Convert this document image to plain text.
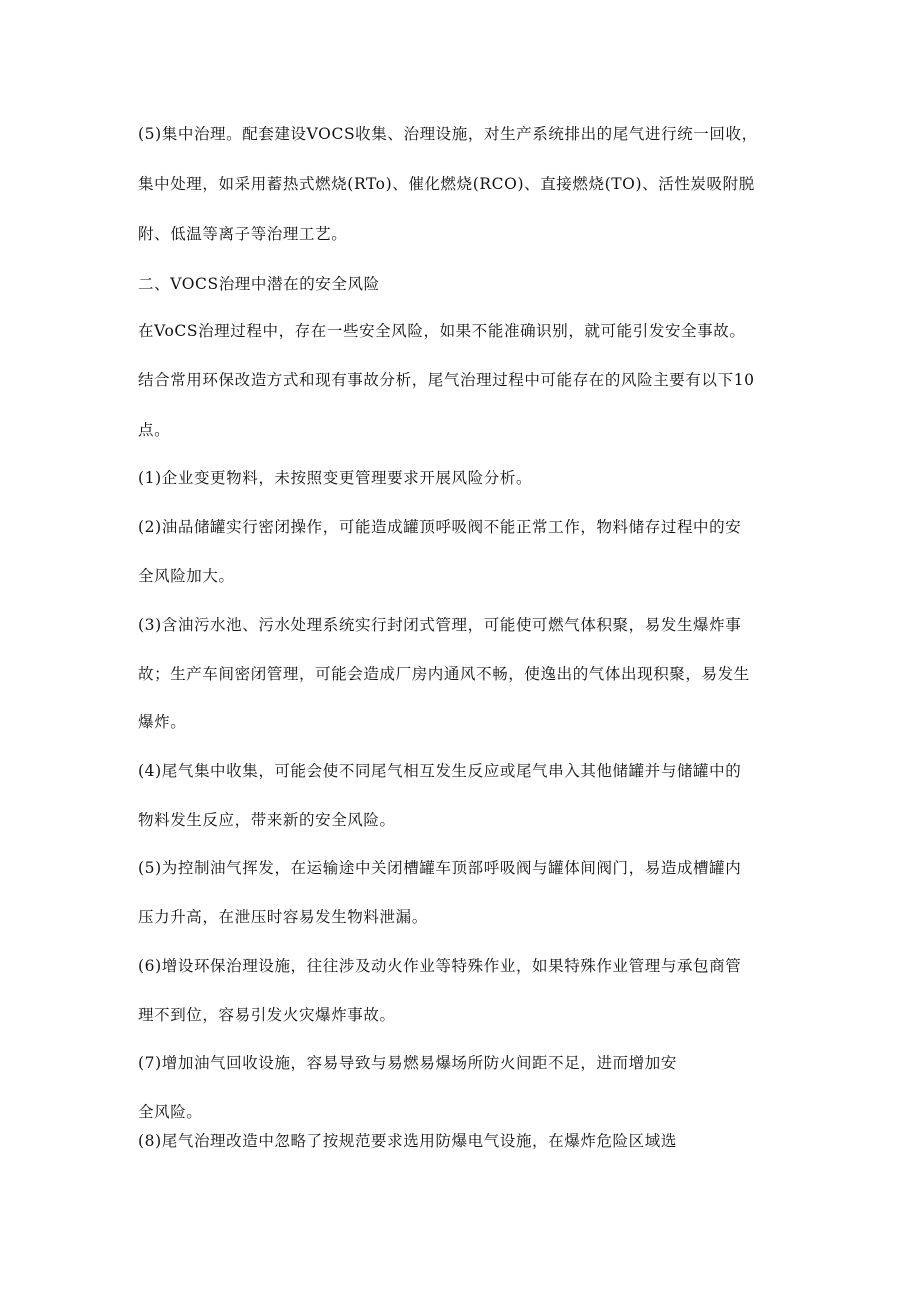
(5)集中治理。配套建设VOCS收集、治理设施，对生产系统排出的尾气进行统一回收，
集中处理，如采用蓄热式燃烧(RTo)、催化燃烧(RCO)、直接燃烧(TO)、活性炭吸附脱
附、低温等离子等治理工艺。
二、VOCS治理中潜在的安全风险
在VoCS治理过程中，存在一些安全风险，如果不能准确识别，就可能引发安全事故。
结合常用环保改造方式和现有事故分析，尾气治理过程中可能存在的风险主要有以下10
点。
(1)企业变更物料，未按照变更管理要求开展风险分析。
(2)油品储罐实行密闭操作，可能造成罐顶呼吸阀不能正常工作，物料储存过程中的安
全风险加大。
(3)含油污水池、污水处理系统实行封闭式管理，可能使可燃气体积聚，易发生爆炸事
故；生产车间密闭管理，可能会造成厂房内通风不畅，使逸出的气体出现积聚，易发生
爆炸。
(4)尾气集中收集，可能会使不同尾气相互发生反应或尾气串入其他储罐并与储罐中的
物料发生反应，带来新的安全风险。
(5)为控制油气挥发，在运输途中关闭槽罐车顶部呼吸阀与罐体间阀门，易造成槽罐内
压力升高，在泄压时容易发生物料泄漏。
(6)增设环保治理设施，往往涉及动火作业等特殊作业，如果特殊作业管理与承包商管
理不到位，容易引发火灾爆炸事故。
(7)增加油气回收设施，容易导致与易燃易爆场所防火间距不足，进而增加安
全风险。
(8)尾气治理改造中忽略了按规范要求选用防爆电气设施，在爆炸危险区域选
